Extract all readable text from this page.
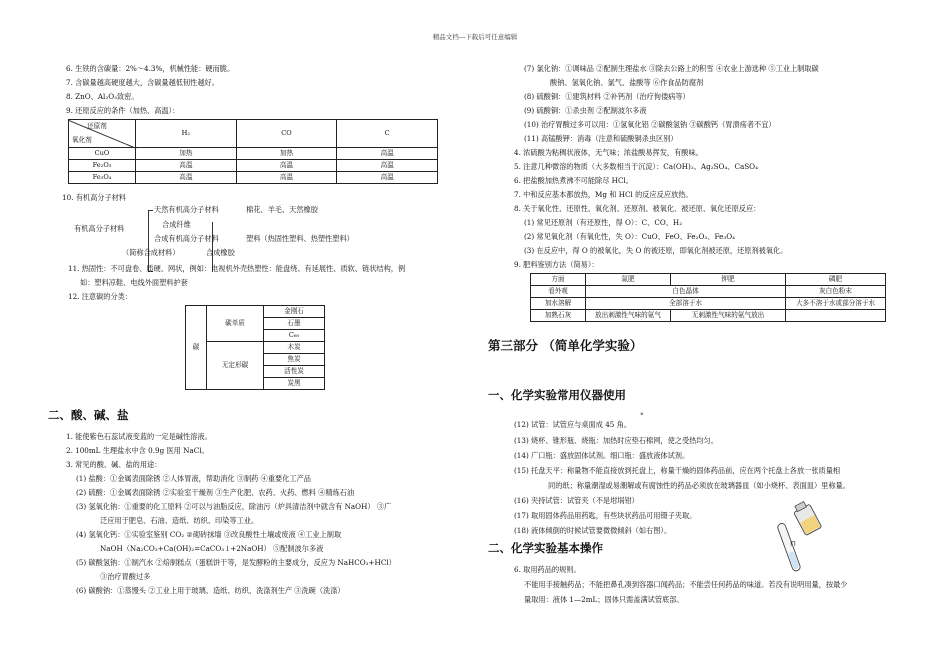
精品文档---下载后可任意编辑
6. 生铁的含碳量：2%～4.3%，机械性能：硬而脆。
7. 含碳量越高硬度越大，含碳量越低韧性越好。
8. ZnO、Al₂O₃致密。
9. 还原反应的条件（加热、高温）：
还原剂
氧化剂	H₂	CO	C
CuO	加热	加热	高温
Fe₂O₃	高温	高温	高温
Fe₃O₄	高温	高温	高温
10. 有机高分子材料
有机高分子材料
天然有机高分子材料	棉花、羊毛、天然橡胶
合成纤维
合成有机高分子材料	塑料（热固性塑料、热塑性塑料）
（简称合成材料）	合成橡胶
11. 热固性：不可盘卷、质硬、网状，例如：电视机外壳热塑性：能盘绕、有延展性、质软、链状结构，例
如：塑料凉鞋、电线外面塑料护套
12. 注意碳的分类：
碳	碳单质	金刚石
		石墨
		C₆₀
	无定形碳	木炭
		焦炭
		活性炭
		炭黑
二、酸、碱、盐
1. 能使紫色石蕊试液变蓝的一定是碱性溶液。
2. 100mL 生理盐水中含 0.9g 医用 NaCl。
3. 常见的酸、碱、盐的用途：
(1) 盐酸：①金属表面除锈 ②人体胃液，帮助消化 ③制药 ④重要化工产品
(2) 硫酸：①金属表面除锈 ②实验室干燥剂 ③生产化肥、农药、火药、燃料 ④精炼石油
(3) 氢氧化钠：①重要的化工原料 ②可以与油脂反应，除油污（炉具清洁剂中就含有 NaOH） ③广
泛应用于肥皂、石油、造纸、纺织、印染等工业。
(4) 氢氧化钙：①实验室鉴别 CO₂ ②砌砖抹墙 ③改良酸性土壤或废液 ④工业上制取
NaOH（Na₂CO₃+Ca(OH)₂=CaCO₃↓+2NaOH） ⑤配制波尔多液
(5) 碳酸氢钠：①制汽水 ②焙制糕点（蛋糕饼干等，是发酵粉的主要成分，反应为 NaHCO₃+HCl）
③治疗胃酸过多
(6) 碳酸钠：①蒸馒头 ②工业上用于玻璃、造纸、纺织、洗涤剂生产 ③洗碗（洗涤）
(7) 氯化钠：①调味品 ②配制生理盐水 ③除去公路上的积雪 ④农业上游选种 ⑤工业上制取碳
酸钠、氢氧化钠、氯气、盐酸等 ⑥作食品防腐剂
(8) 硫酸铜：①建筑材料 ②补钙剂（治疗佝偻病等）
(9) 硫酸铜：①杀虫剂 ②配制波尔多液
(10) 治疗胃酸过多可以用：①氢氧化铝 ②碳酸氢钠 ③碳酸钙（胃溃疡者不宜）
(11) 高锰酸钾：消毒（注意和硫酸铜杀虫区别）
4. 浓硫酸为粘稠状液体，无气味；浓盐酸易挥发，有酸味。
5. 注意几种微溶的物质（大多数相当于沉淀）：Ca(OH)₂、Ag₂SO₄、CaSO₄
6. 把盐酸加热煮沸不可能除尽 HCl。
7. 中和反应基本都放热，Mg 和 HCl 的反应反应放热。
8. 关于氧化性、还原性、氧化剂、还原剂、被氧化、被还原、氧化还原反应：
(1) 常见还原剂（有还原性，得 O）：C、CO、H₂
(2) 常见氧化剂（有氧化性，失 O）：CuO、FeO、Fe₂O₃、Fe₃O₄
(3) 在反应中，得 O 的被氧化，失 O 的被还原，即氧化剂被还原，还原剂被氧化。
9. 肥料鉴别方法（简易）：
方面	氮肥	钾肥	磷肥
看外观	白色晶体		灰白色粉末
加水溶解	全部溶于水		大多不溶于水或部分溶于水
加熟石灰	放出刺激性气味的氨气	无刺激性气味的氨气放出	
第三部分 （简单化学实验）
一、化学实验常用仪器使用
(12) 试管：试管应与桌面成 45 角。
°
(13) 烧杯、锥形瓶、烧瓶：加热时应垫石棉网，使之受热均匀。
(14) 广口瓶：盛放固体试剂。细口瓶：盛放液体试剂。
(15) 托盘天平：称量物不能直接放到托盘上，称量干燥的固体药品前，应在两个托盘上各放一张质量相
同的纸；称量潮湿或易潮解或有腐蚀性的药品必须放在玻璃器皿（如小烧杯、表面皿）里称量。
(16) 夹持试管：试管夹（不是坩埚钳）
(17) 取用固体药品用药匙，有些块状药品可用镊子夹取。
(18) 液体倾倒的时候试管要微微倾斜（如右图）。
⊓
二、化学实验基本操作
6. 取用药品的规则。
不能用手接触药品；不能把鼻孔凑到容器口闻药品；不能尝任何药品的味道。若没有说明用量，按最少
量取用：液体 1—2mL；固体只需盖满试管底部。
